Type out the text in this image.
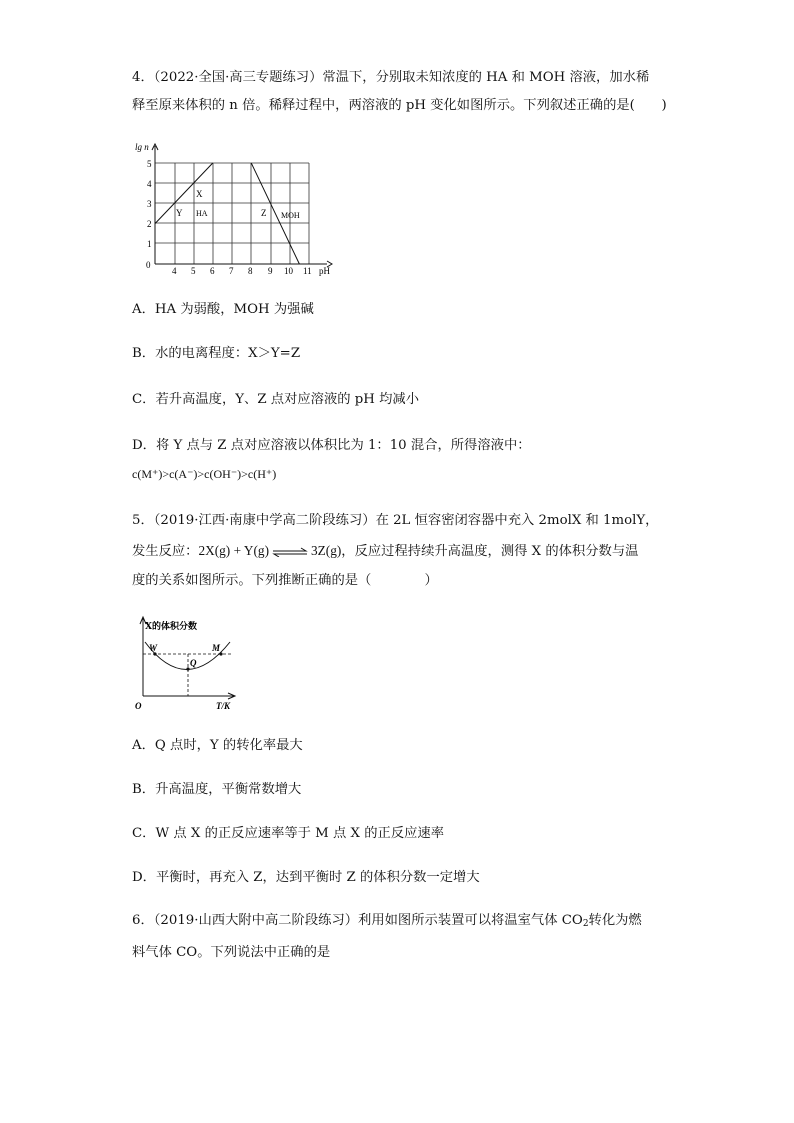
4．（2022·全国·高三专题练习）常温下，分别取未知浓度的 HA 和 MOH 溶液，加水稀
释至原来体积的 n 倍。稀释过程中，两溶液的 pH 变化如图所示。下列叙述正确的是(　　)
lg n
pH
0
1
2
3
4
5
4 5 6 7 8 9 10 11
X
Y HA	Z MOH
A．HA 为弱酸，MOH 为强碱
B．水的电离程度：X＞Y=Z
C．若升高温度，Y、Z 点对应溶液的 pH 均减小
D．将 Y 点与 Z 点对应溶液以体积比为 1：10 混合，所得溶液中：
c(M⁺)>c(A⁻)>c(OH⁻)>c(H⁺)
5．（2019·江西·南康中学高二阶段练习）在 2L 恒容密闭容器中充入 2molX 和 1molY，
发生反应：2X(g) + Y(g) ⇌ 3Z(g)，反应过程持续升高温度，测得 X 的体积分数与温
度的关系如图所示。下列推断正确的是（　　　　）
X的体积分数
T/K
O
W
Q
M
A．Q 点时，Y 的转化率最大
B．升高温度，平衡常数增大
C．W 点 X 的正反应速率等于 M 点 X 的正反应速率
D．平衡时，再充入 Z，达到平衡时 Z 的体积分数一定增大
6．（2019·山西大附中高二阶段练习）利用如图所示装置可以将温室气体 $CO_2$转化为燃
料气体 CO。下列说法中正确的是
